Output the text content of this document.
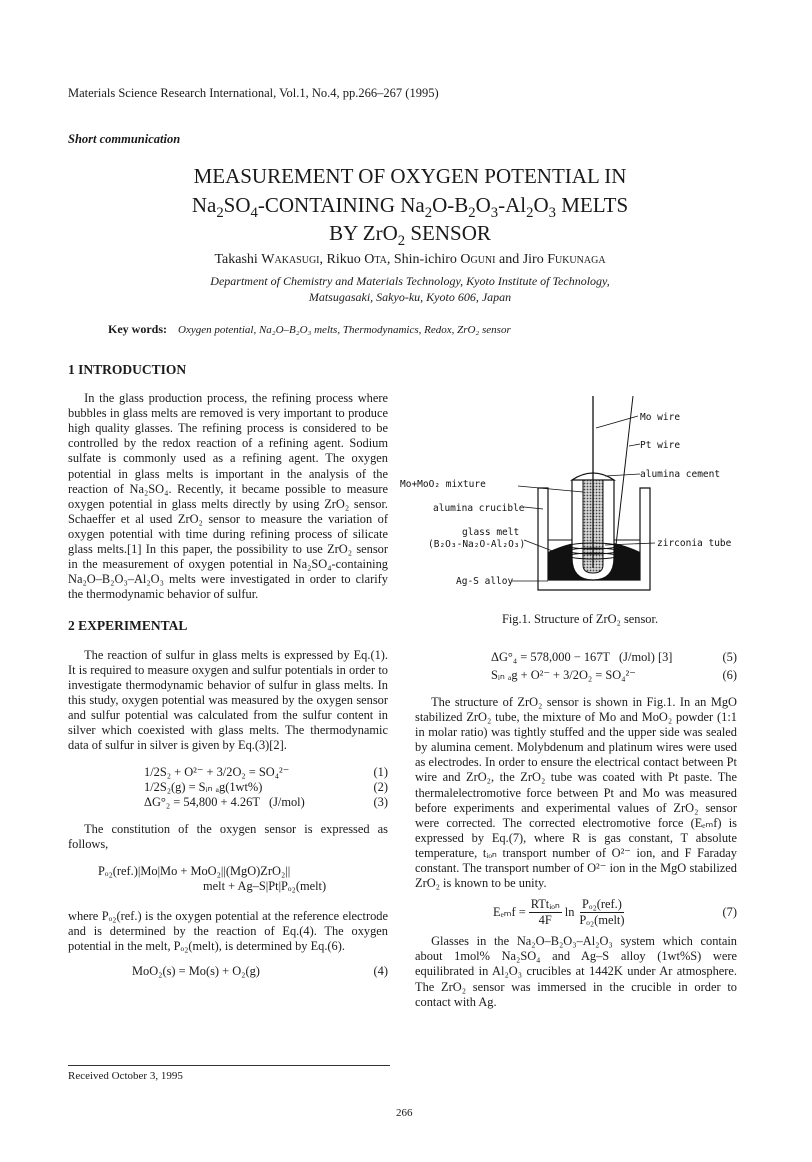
Materials Science Research International, Vol.1, No.4, pp.266–267 (1995)
Short communication
MEASUREMENT OF OXYGEN POTENTIAL IN
$Na_2SO_4$-CONTAINING $Na_2O-B_2O_3-Al_2O_3$ MELTS
BY ZrO$_2$ SENSOR
Takashi Wakasugi, Rikuo Ota, Shin-ichiro Oguni and Jiro Fukunaga
Department of Chemistry and Materials Technology, Kyoto Institute of Technology,
Matsugasaki, Sakyo-ku, Kyoto 606, Japan
Key words: Oxygen potential, Na₂O–B₂O₃ melts, Thermodynamics, Redox, ZrO₂ sensor
1 INTRODUCTION

In the glass production process, the refining process where bubbles in glass melts are removed is very important to produce high quality glasses. The refining process is considered to be controlled by the redox reaction of a refining agent. Sodium sulfate is commonly used as a refining agent. The oxygen potential in glass melts is important in the analysis of the reaction of Na₂SO₄. Recently, it became possible to measure oxygen potential in glass melts directly by using ZrO₂ sensor. Schaeffer et al used ZrO₂ sensor to measure the variation of oxygen potential with time during refining process of silicate glass melts.[1] In this paper, the possibility to use ZrO₂ sensor in the measurement of oxygen potential in Na₂SO₄-containing Na₂O–B₂O₃–Al₂O₃ melts were investigated in order to clarify the thermodynamic behavior of sulfur.

2 EXPERIMENTAL

The reaction of sulfur in glass melts is expressed by Eq.(1). It is required to measure oxygen and sulfur potentials in order to investigate thermodynamic behavior of sulfur in glass melts. In this study, oxygen potential was measured by the oxygen sensor and sulfur potential was calculated from the sulfur content in silver which coexisted with glass melts. The thermodynamic data of sulfur in silver is given by Eq.(3)[2].

1/2S₂ + O²⁻ + 3/2O₂ = SO₄²⁻	(1)
1/2S₂(g) = Sᵢₙ ₐg(1wt%)	(2)
ΔG°₂ = 54,800 + 4.26T   (J/mol)	(3)

The constitution of the oxygen sensor is expressed as follows,

Pₒ₂(ref.)|Mo|Mo + MoO₂||(MgO)ZrO₂||
melt + Ag–S|Pt|Pₒ₂(melt)

where Pₒ₂(ref.) is the oxygen potential at the reference electrode and is determined by the reaction of Eq.(4). The oxygen potential in the melt, Pₒ₂(melt), is determined by Eq.(6).

MoO₂(s) = Mo(s) + O₂(g)	(4)
Received October 3, 1995
Mo wire
Pt wire
alumina cement
Mo+MoO₂ mixture
alumina crucible
glass melt
(B₂O₃-Na₂O-Al₂O₃)	zirconia tube
Ag-S alloy
Fig.1. Structure of ZrO₂ sensor.
ΔG°₄ = 578,000 − 167T   (J/mol) [3]	(5)
Sᵢₙ ₐg + O²⁻ + 3/2O₂ = SO₄²⁻	(6)

The structure of ZrO₂ sensor is shown in Fig.1. In an MgO stabilized ZrO₂ tube, the mixture of Mo and MoO₂ powder (1:1 in molar ratio) was tightly stuffed and the upper side was sealed by alumina cement. Molybdenum and platinum wires were used as electrodes. In order to ensure the electrical contact between Pt wire and ZrO₂, the ZrO₂ tube was coated with Pt paste. The thermalelectromotive force between Pt and Mo was measured before experiments and experimental values of ZrO₂ sensor were corrected. The corrected electromotive force (Eₑₘf) is expressed by Eq.(7), where R is gas constant, T absolute temperature, tᵢₒₙ transport number of O²⁻ ion, and F Faraday constant. The transport number of O²⁻ ion in the MgO stabilized ZrO₂ is known to be unity.

$E_{em}f = \frac{\text{RTtᵢₒₙ}}{4F}$ $\ln \frac{\text{Pₒ₂(ref.)}}{\text{Pₒ₂(melt)}}$	(7)

Glasses in the Na₂O–B₂O₃–Al₂O₃ system which contain about 1mol% Na₂SO₄ and Ag–S alloy (1wt%S) were equilibrated in Al₂O₃ crucibles at 1442K under Ar atmosphere. The ZrO₂ sensor was immersed in the crucible in order to contact with Ag.

266
